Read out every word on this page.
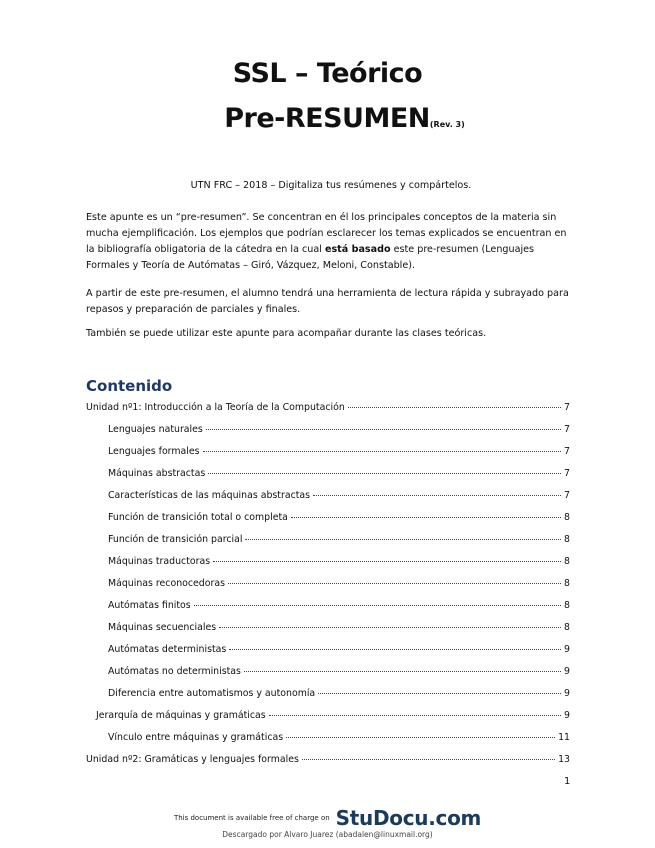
SSL – Teórico
Pre-RESUMEN(Rev. 3)
UTN FRC – 2018 – Digitaliza tus resúmenes y compártelos.
Este apunte es un “pre-resumen”. Se concentran en él los principales conceptos de la materia sin mucha ejemplificación. Los ejemplos que podrían esclarecer los temas explicados se encuentran en la bibliografía obligatoria de la cátedra en la cual está basado este pre-resumen (Lenguajes Formales y Teoría de Autómatas – Giró, Vázquez, Meloni, Constable).
A partir de este pre-resumen, el alumno tendrá una herramienta de lectura rápida y subrayado para repasos y preparación de parciales y finales.
También se puede utilizar este apunte para acompañar durante las clases teóricas.
Contenido
Unidad nº1: Introducción a la Teoría de la Computación	7
Lenguajes naturales	7
Lenguajes formales	7
Máquinas abstractas	7
Características de las máquinas abstractas	7
Función de transición total o completa	8
Función de transición parcial	8
Máquinas traductoras	8
Máquinas reconocedoras	8
Autómatas finitos	8
Máquinas secuenciales	8
Autómatas deterministas	9
Autómatas no deterministas	9
Diferencia entre automatismos y autonomía	9
Jerarquía de máquinas y gramáticas	9
Vínculo entre máquinas y gramáticas	11
Unidad nº2: Gramáticas y lenguajes formales	13
1
This document is available free of charge on StuDocu.com
Descargado por Alvaro Juarez (abadalen@linuxmail.org)
